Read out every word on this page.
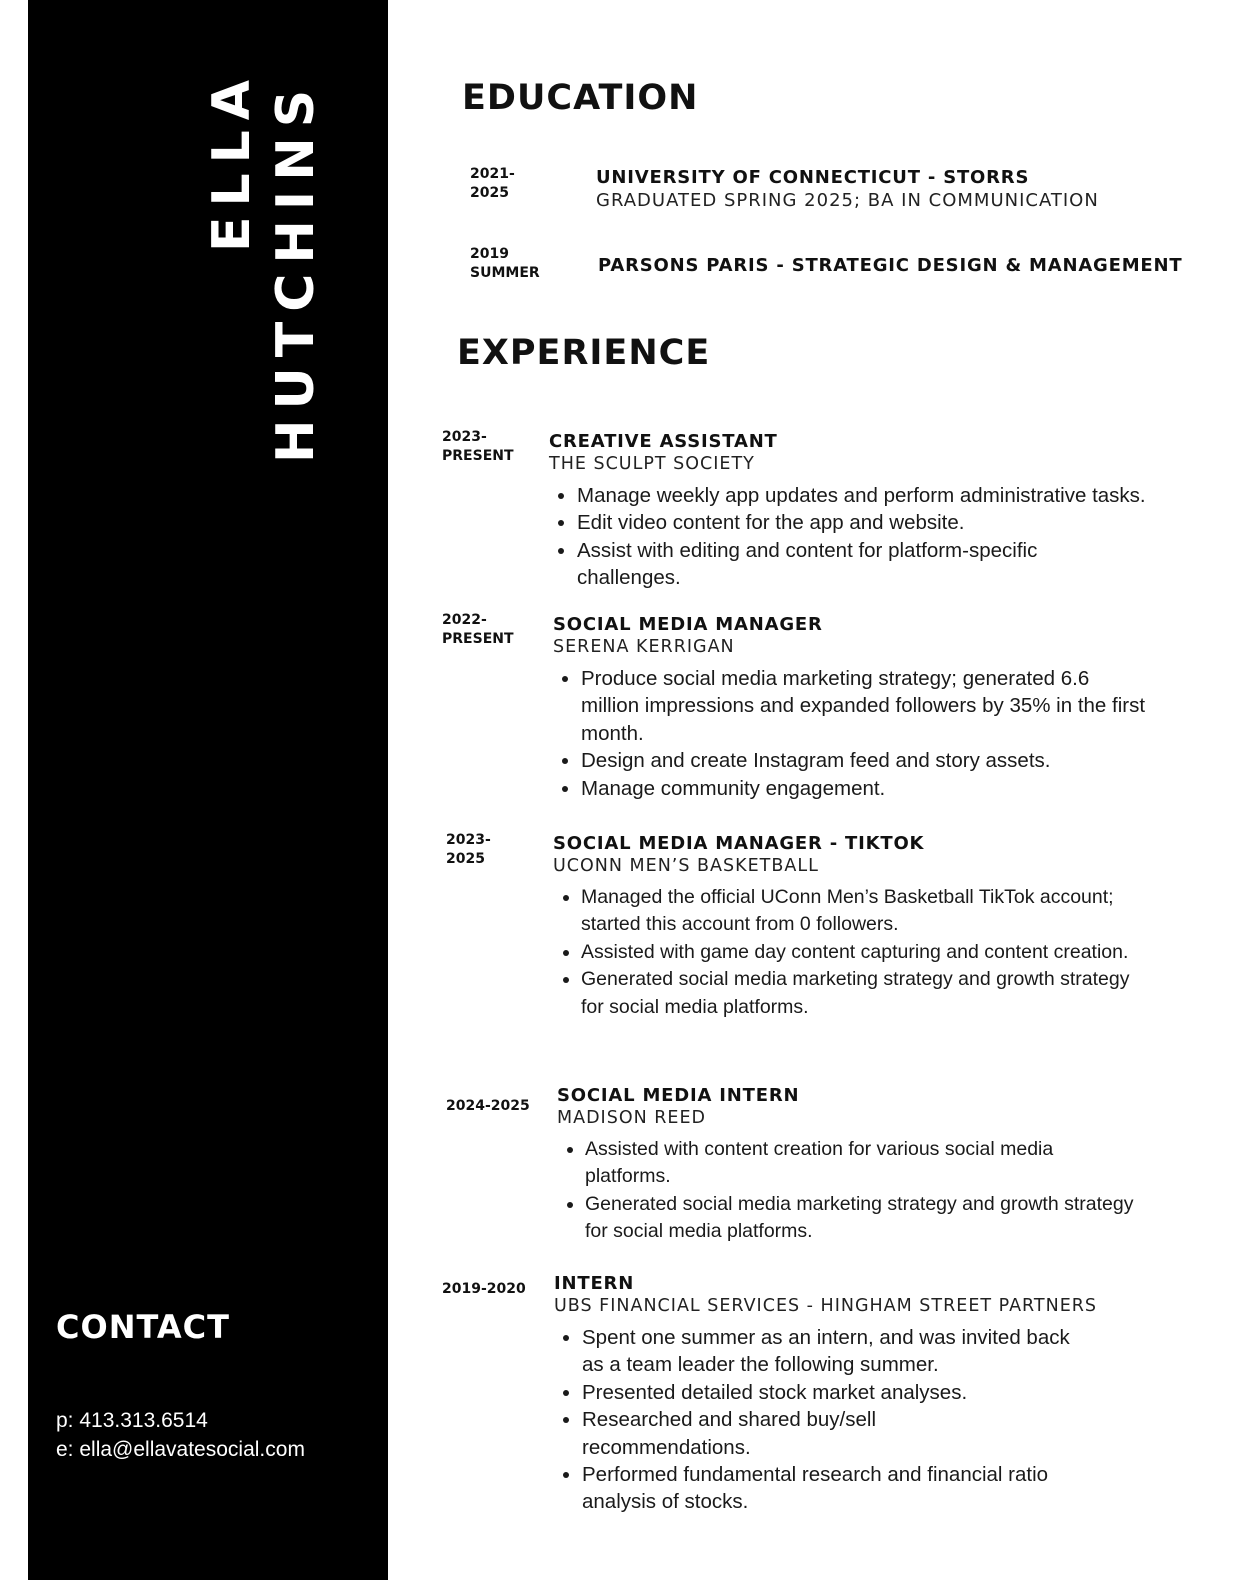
ELLA HUTCHINS
CONTACT
p: 413.313.6514
e: ella@ellavatesocial.com
EDUCATION
2021-
2025
UNIVERSITY OF CONNECTICUT - STORRS
GRADUATED SPRING 2025; BA IN COMMUNICATION
2019
SUMMER	PARSONS PARIS - STRATEGIC DESIGN & MANAGEMENT
EXPERIENCE
2023-
PRESENT
CREATIVE ASSISTANT
THE SCULPT SOCIETY
• Manage weekly app updates and perform administrative tasks.
• Edit video content for the app and website.
• Assist with editing and content for platform-specific challenges.
2022-
PRESENT
SOCIAL MEDIA MANAGER
SERENA KERRIGAN
• Produce social media marketing strategy; generated 6.6 million impressions and expanded followers by 35% in the first month.
• Design and create Instagram feed and story assets.
• Manage community engagement.
2023-
2025
SOCIAL MEDIA MANAGER - TIKTOK
UCONN MEN’S BASKETBALL
• Managed the official UConn Men’s Basketball TikTok account; started this account from 0 followers.
• Assisted with game day content capturing and content creation.
• Generated social media marketing strategy and growth strategy for social media platforms.
2024-2025 SOCIAL MEDIA INTERN
MADISON REED
• Assisted with content creation for various social media platforms.
• Generated social media marketing strategy and growth strategy for social media platforms.
2019-2020 INTERN
UBS FINANCIAL SERVICES - HINGHAM STREET PARTNERS
• Spent one summer as an intern, and was invited back as a team leader the following summer.
• Presented detailed stock market analyses.
• Researched and shared buy/sell recommendations.
• Performed fundamental research and financial ratio analysis of stocks.
